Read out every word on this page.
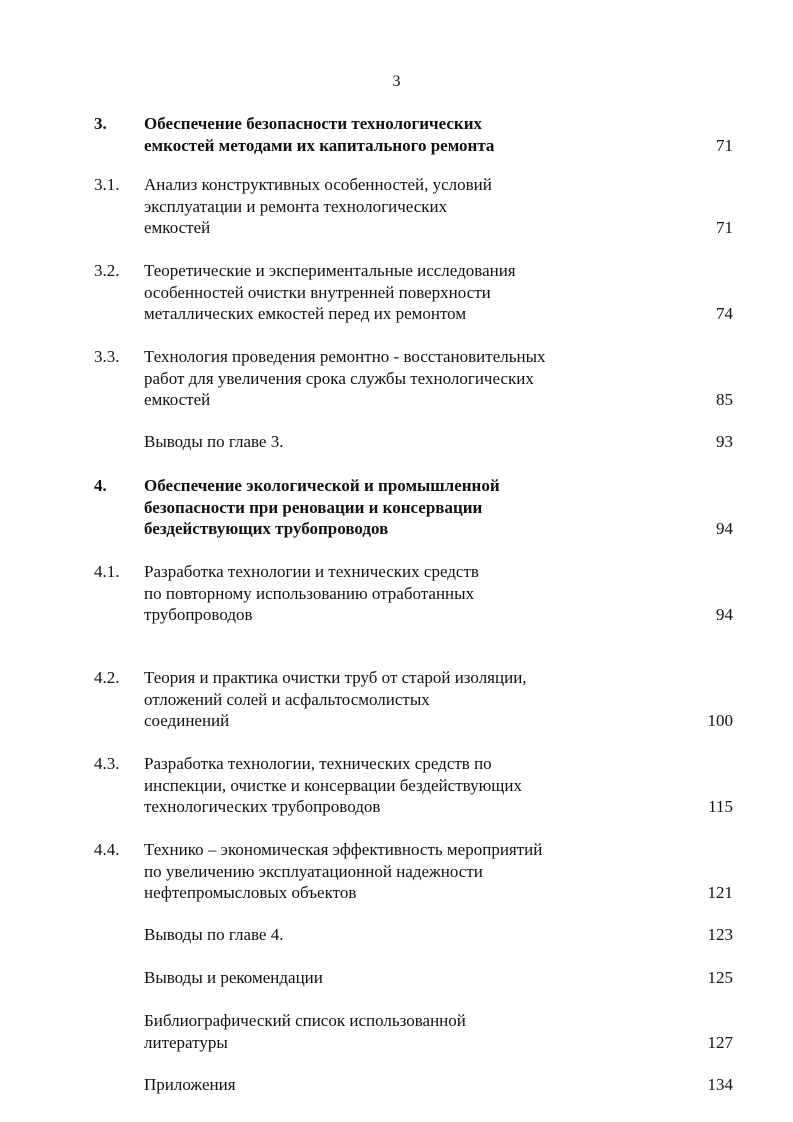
3
3. Обеспечение безопасности технологических
емкостей методами их капитального ремонта	71
3.1. Анализ конструктивных особенностей, условий
эксплуатации и ремонта технологических
емкостей	71
3.2. Теоретические и экспериментальные исследования
особенностей очистки внутренней поверхности
металлических емкостей перед их ремонтом	74
3.3. Технология проведения ремонтно - восстановительных
работ для увеличения срока службы технологических
емкостей	85
Выводы по главе 3.	93
4. Обеспечение экологической и промышленной
безопасности при реновации и консервации
бездействующих трубопроводов	94
4.1. Разработка технологии и технических средств
по повторному использованию отработанных
трубопроводов	94
4.2. Теория и практика очистки труб от старой изоляции,
отложений солей и асфальтосмолистых
соединений	100
4.3. Разработка технологии, технических средств по
инспекции, очистке и консервации бездействующих
технологических трубопроводов	115
4.4. Технико – экономическая эффективность мероприятий
по увеличению эксплуатационной надежности
нефтепромысловых объектов	121
Выводы по главе 4.	123
Выводы и рекомендации	125
Библиографический список использованной
литературы	127
Приложения	134
